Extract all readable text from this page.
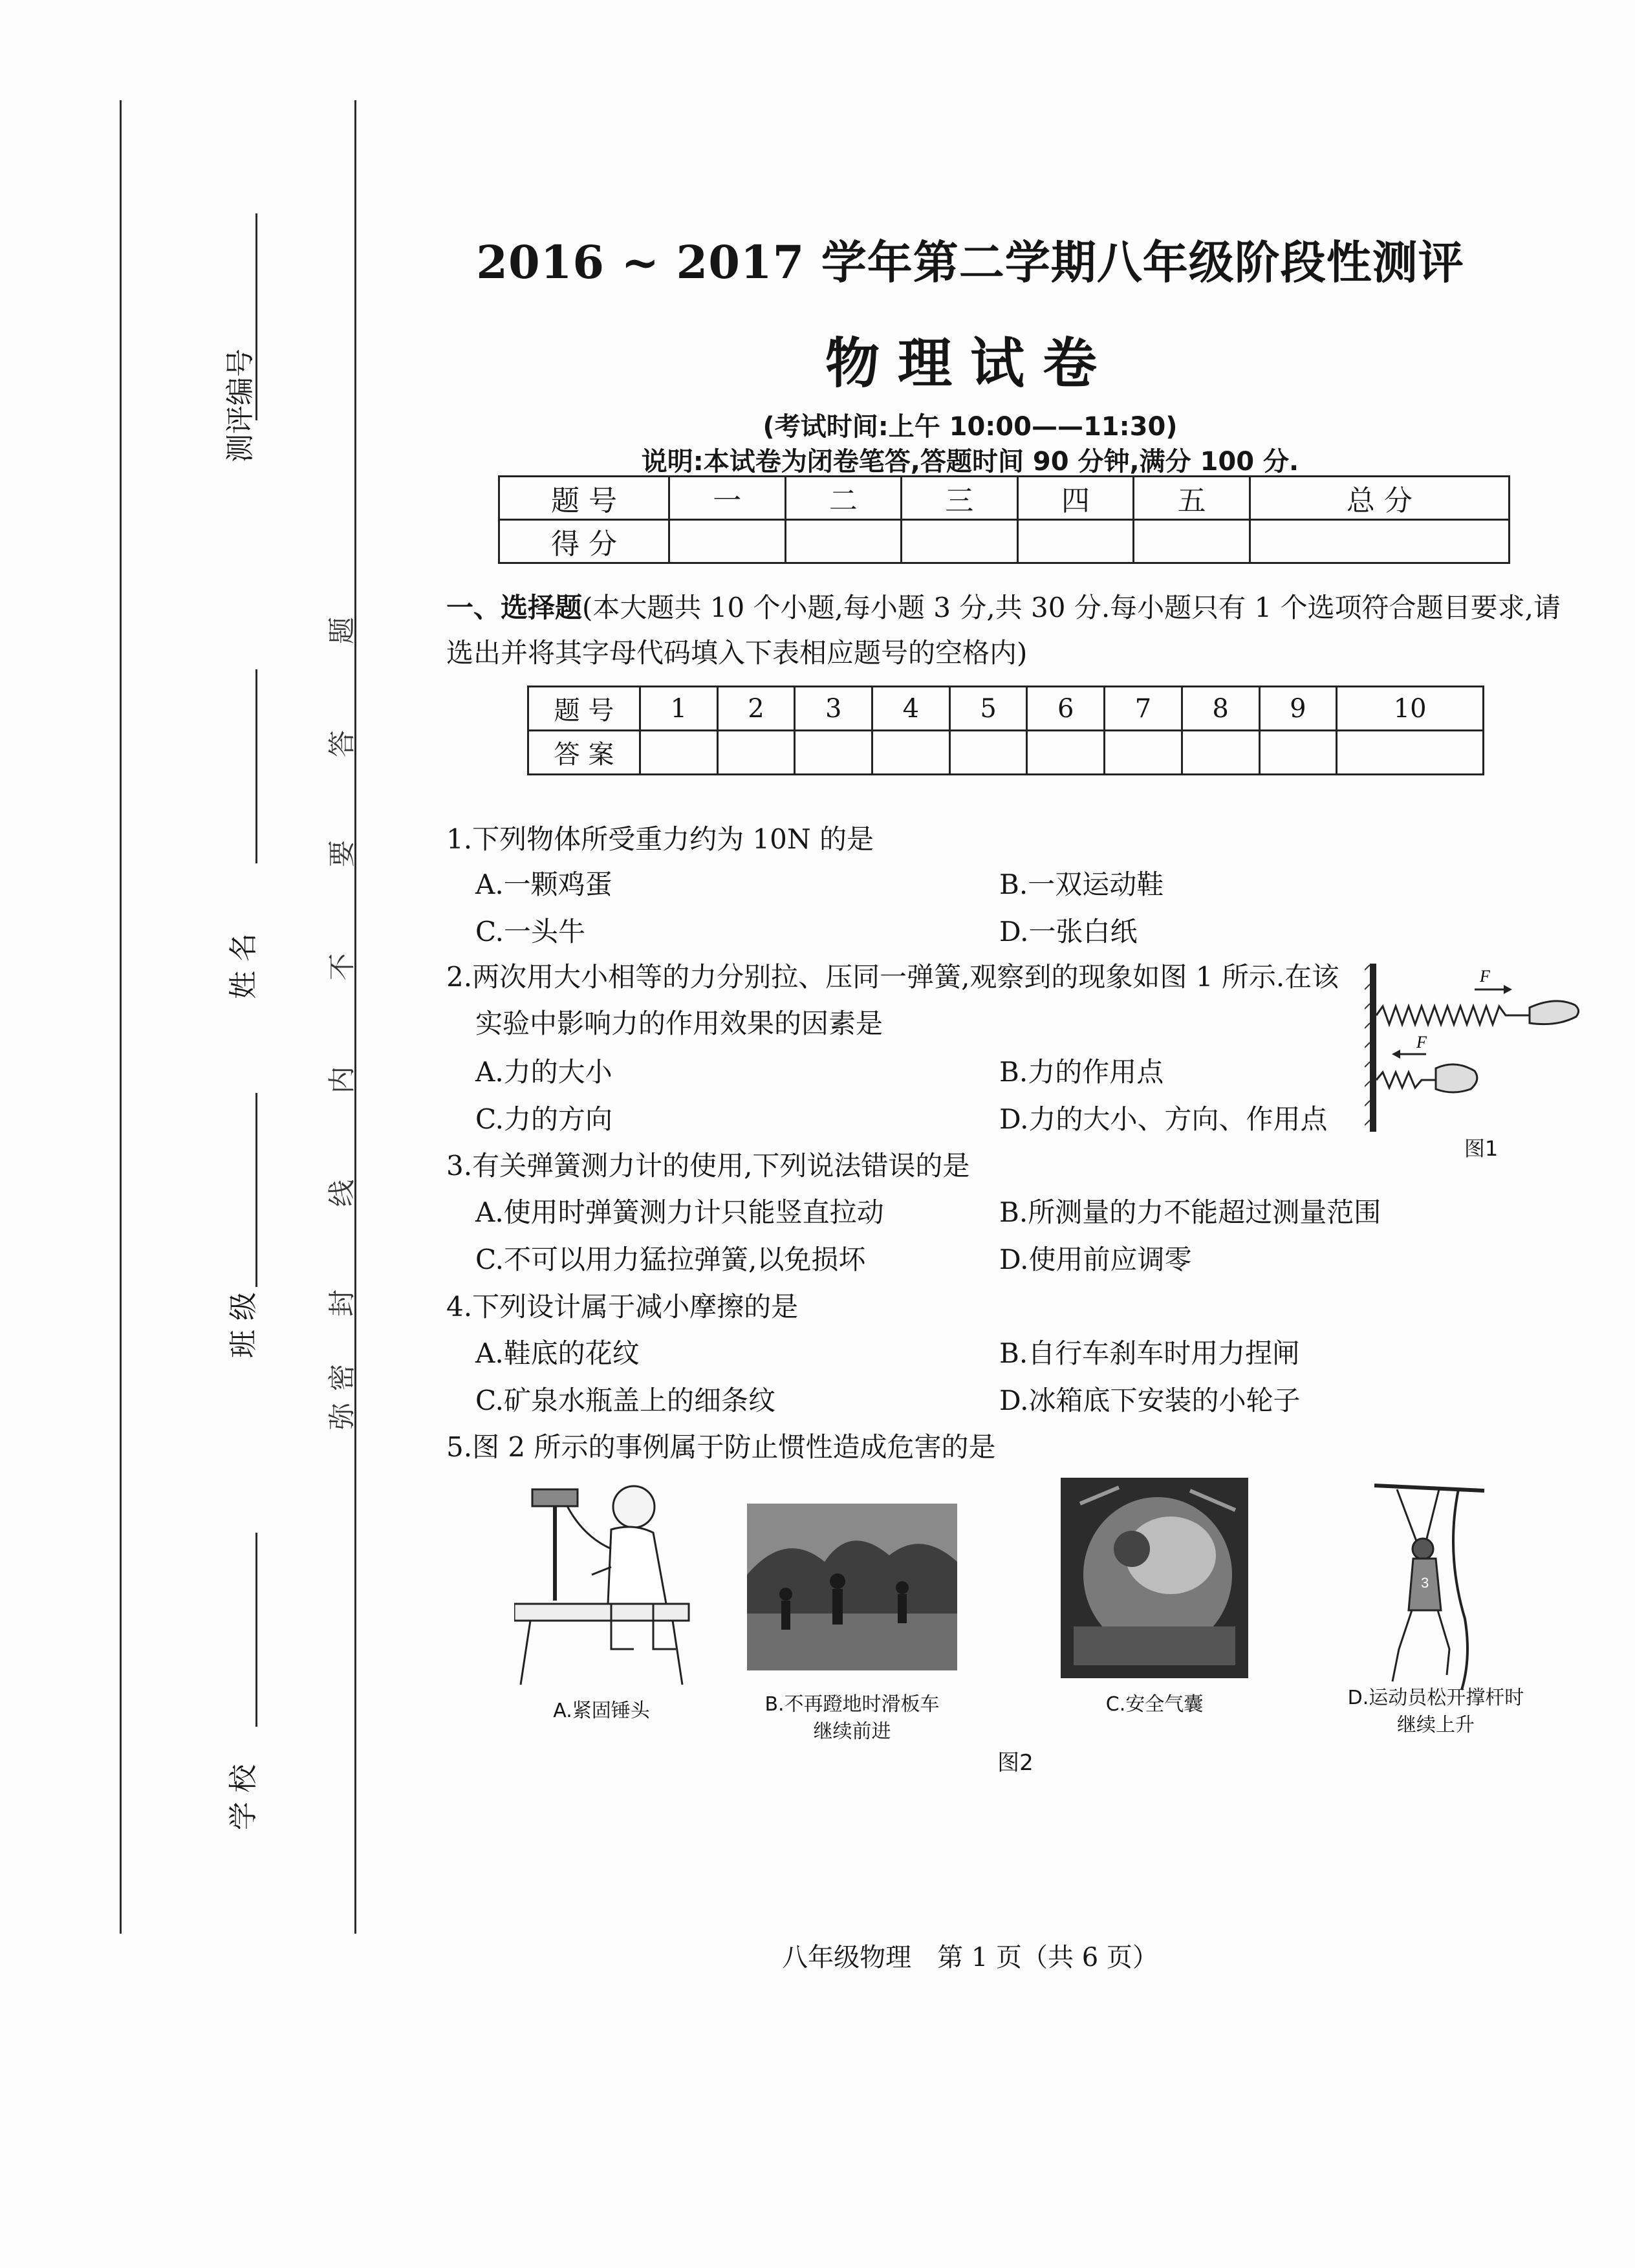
测评编号
姓 名
班 级
学 校
题
答
要
不
内
线
封
密
弥
2016 ~ 2017 学年第二学期八年级阶段性测评
物理试卷
(考试时间:上午 10:00——11:30)
说明:本试卷为闭卷笔答,答题时间 90 分钟,满分 100 分.
题 号	一	二	三	四	五	总 分
得 分						
一、选择题(本大题共 10 个小题,每小题 3 分,共 30 分.每小题只有 1 个选项符合题目要求,请选出并将其字母代码填入下表相应题号的空格内)
题 号	1	2	3	4	5	6	7	8	9	10
答 案										
1.下列物体所受重力约为 10N 的是
A.一颗鸡蛋	B.一双运动鞋
C.一头牛	D.一张白纸
2.两次用大小相等的力分别拉、压同一弹簧,观察到的现象如图 1 所示.在该
实验中影响力的作用效果的因素是
A.力的大小	B.力的作用点
C.力的方向	D.力的大小、方向、作用点
F
F
图1
3.有关弹簧测力计的使用,下列说法错误的是
A.使用时弹簧测力计只能竖直拉动	B.所测量的力不能超过测量范围
C.不可以用力猛拉弹簧,以免损坏	D.使用前应调零
4.下列设计属于减小摩擦的是
A.鞋底的花纹	B.自行车刹车时用力捏闸
C.矿泉水瓶盖上的细条纹	D.冰箱底下安装的小轮子
5.图 2 所示的事例属于防止惯性造成危害的是
A.紧固锤头	B.不再蹬地时滑板车
继续前进
C.安全气囊
3
D.运动员松开撑杆时
继续上升
图2
八年级物理　第 1 页（共 6 页）
